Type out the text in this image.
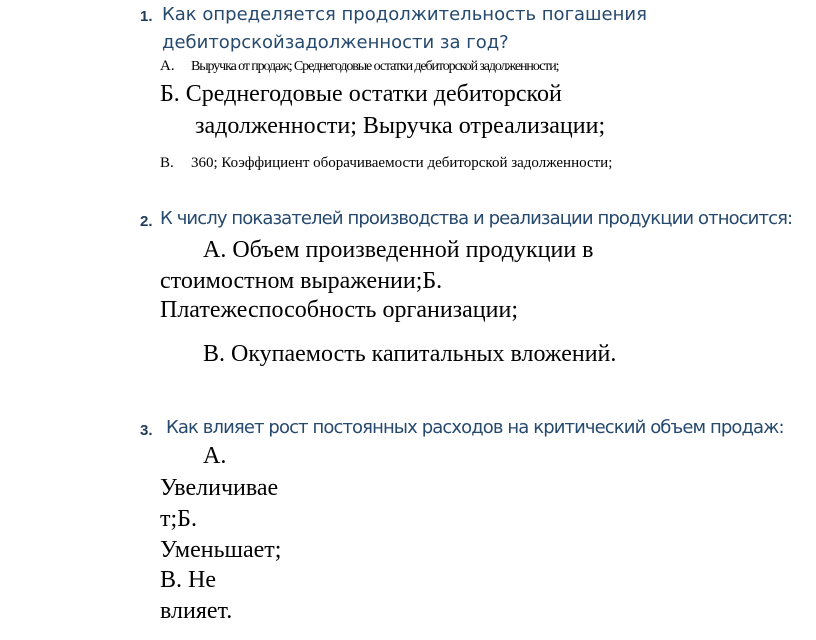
1. Как определяется продолжительность погашения
дебиторскойзадолженности за год?
А. Выручка от продаж; Среднегодовые остатки дебиторской задолженности;
Б. Среднегодовые остатки дебиторской
задолженности; Выручка отреализации;
В. 360; Коэффициент оборачиваемости дебиторской задолженности;
2. К числу показателей производства и реализации продукции относится:
А. Объем произведенной продукции в
стоимостном выражении;Б.
Платежеспособность организации;
В. Окупаемость капитальных вложений.
3. Как влияет рост постоянных расходов на критический объем продаж:
А.
Увеличивае
т;Б.
Уменьшает;
В. Не
влияет.
